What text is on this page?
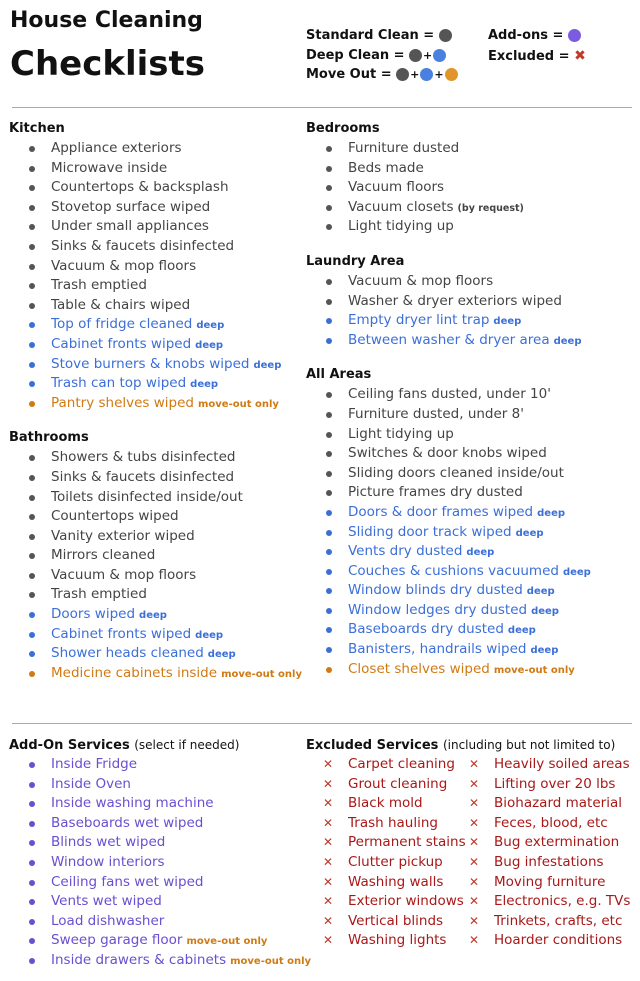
House Cleaning
Checklists
Standard Clean =

Deep Clean =
+
Move Out =
+ +
Add-ons =

Excluded =
✖
Kitchen
Appliance exteriors
Microwave inside
Countertops & backsplash
Stovetop surface wiped
Under small appliances
Sinks & faucets disinfected
Vacuum & mop floors
Trash emptied
Table & chairs wiped
Top of fridge cleaned deep
Cabinet fronts wiped deep
Stove burners & knobs wiped deep
Trash can top wiped deep
Pantry shelves wiped move-out only
Bathrooms
Showers & tubs disinfected
Sinks & faucets disinfected
Toilets disinfected inside/out
Countertops wiped
Vanity exterior wiped
Mirrors cleaned
Vacuum & mop floors
Trash emptied
Doors wiped deep
Cabinet fronts wiped deep
Shower heads cleaned deep
Medicine cabinets inside move-out only
Bedrooms
Furniture dusted
Beds made
Vacuum floors
Vacuum closets (by request)
Light tidying up
Laundry Area
Vacuum & mop floors
Washer & dryer exteriors wiped
Empty dryer lint trap deep
Between washer & dryer area deep
All Areas
Ceiling fans dusted, under 10'
Furniture dusted, under 8'
Light tidying up
Switches & door knobs wiped
Sliding doors cleaned inside/out
Picture frames dry dusted
Doors & door frames wiped deep
Sliding door track wiped deep
Vents dry dusted deep
Couches & cushions vacuumed deep
Window blinds dry dusted deep
Window ledges dry dusted deep
Baseboards dry dusted deep
Banisters, handrails wiped deep
Closet shelves wiped move-out only
Add-On Services (select if needed)
Inside Fridge
Inside Oven
Inside washing machine
Baseboards wet wiped
Blinds wet wiped
Window interiors
Ceiling fans wet wiped
Vents wet wiped
Load dishwasher
Sweep garage floor move-out only
Inside drawers & cabinets move-out only
Excluded Services (including but not limited to)
✕ Carpet cleaning
✕ Grout cleaning
✕ Black mold
✕ Trash hauling
✕ Permanent stains
✕ Clutter pickup
✕ Washing walls
✕ Exterior windows
✕ Vertical blinds
✕ Washing lights
✕ Heavily soiled areas
✕ Lifting over 20 lbs
✕ Biohazard material
✕ Feces, blood, etc
✕ Bug extermination
✕ Bug infestations
✕ Moving furniture
✕ Electronics, e.g. TVs
✕ Trinkets, crafts, etc
✕ Hoarder conditions
